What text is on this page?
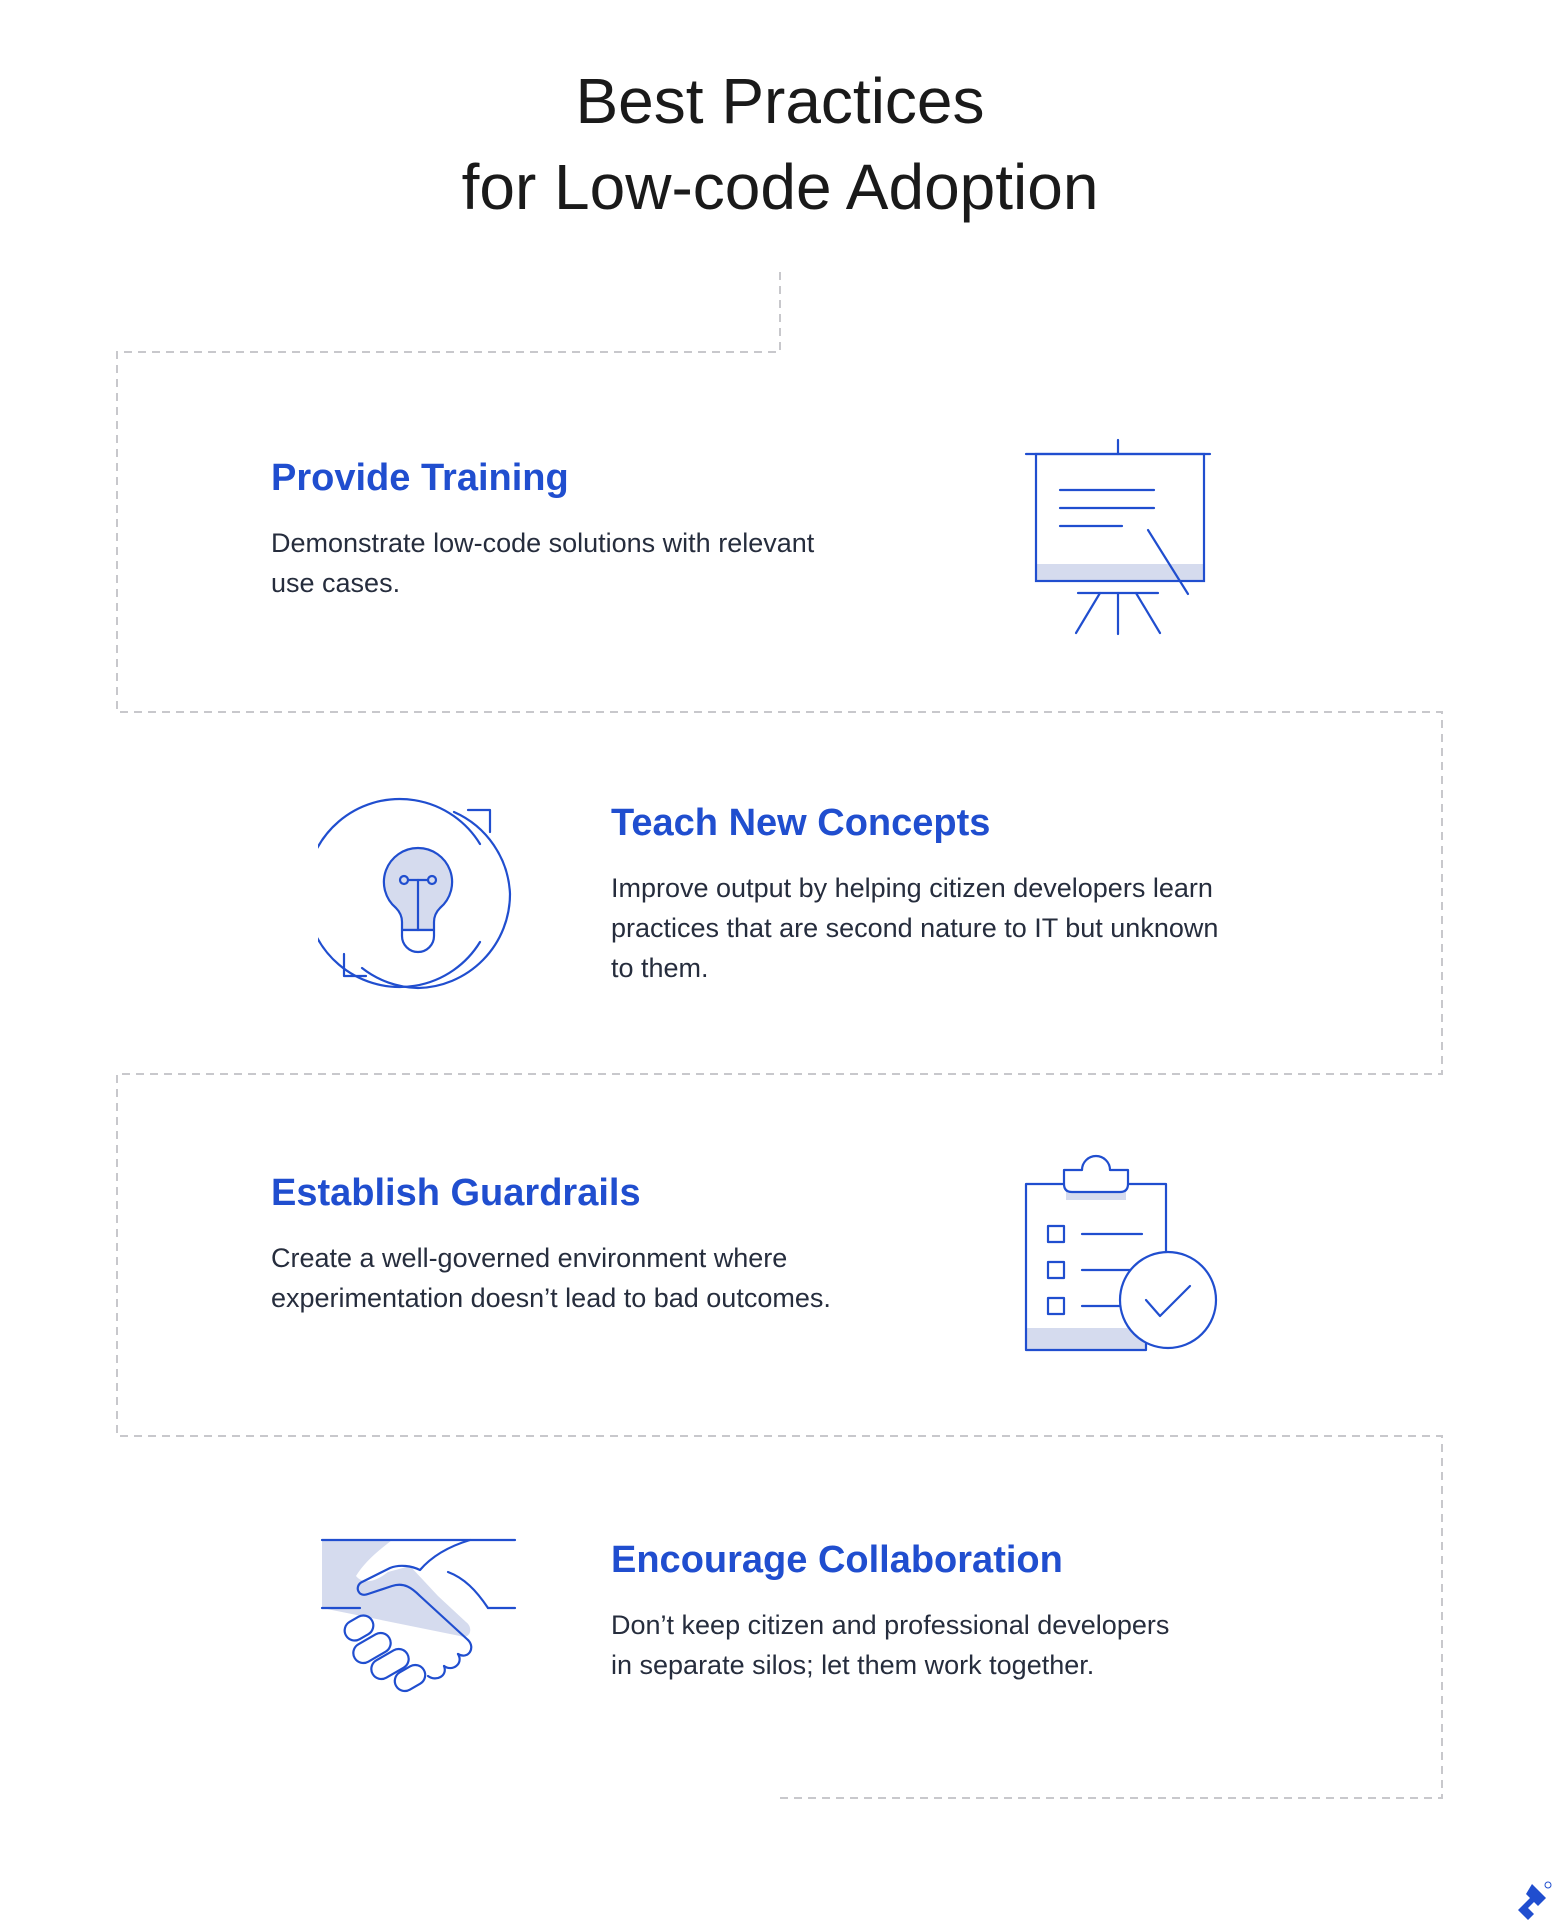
Best Practices
for Low-code Adoption
Provide Training
Demonstrate low-code solutions with relevant
use cases.
Teach New Concepts
Improve output by helping citizen developers learn
practices that are second nature to IT but unknown
to them.
Establish Guardrails
Create a well-governed environment where
experimentation doesn’t lead to bad outcomes.
Encourage Collaboration
Don’t keep citizen and professional developers
in separate silos; let them work together.
